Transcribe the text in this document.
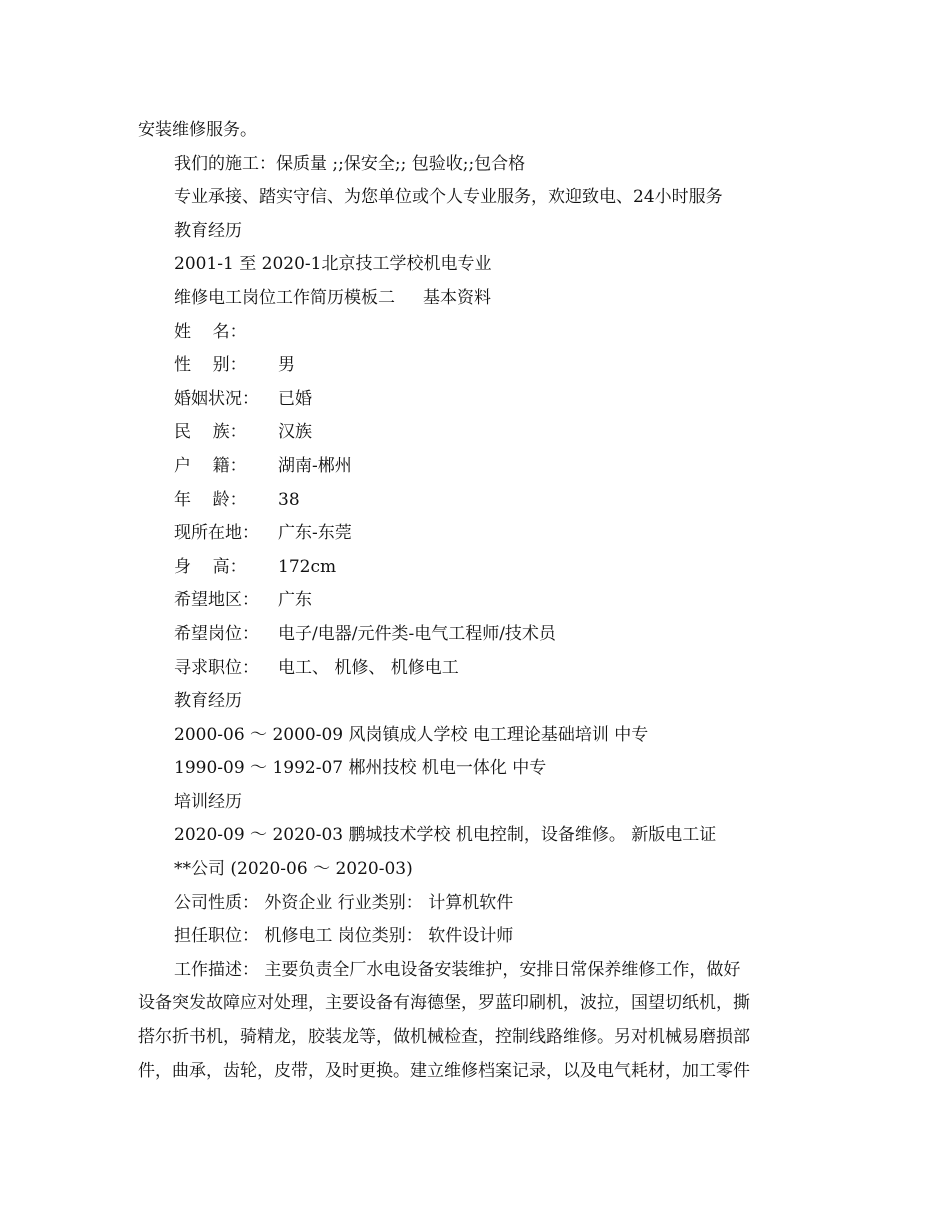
安装维修服务。
我们的施工：保质量 ;;保安全;; 包验收;;包合格
专业承接、踏实守信、为您单位或个人专业服务，欢迎致电、24小时服务
教育经历
2001-1 至 2020-1北京技工学校机电专业
维修电工岗位工作简历模板二 基本资料
姓    名：
性    别： 男
婚姻状况： 已婚
民    族： 汉族
户    籍： 湖南-郴州
年    龄： 38
现所在地： 广东-东莞
身    高： 172cm
希望地区： 广东
希望岗位： 电子/电器/元件类-电气工程师/技术员
寻求职位： 电工、 机修、 机修电工
教育经历
2000-06 ～ 2000-09 风岗镇成人学校 电工理论基础培训 中专
1990-09 ～ 1992-07 郴州技校 机电一体化 中专
培训经历
2020-09 ～ 2020-03 鹏城技术学校 机电控制，设备维修。 新版电工证
**公司 (2020-06 ～ 2020-03)
公司性质： 外资企业 行业类别： 计算机软件
担任职位： 机修电工 岗位类别： 软件设计师
工作描述： 主要负责全厂水电设备安装维护，安排日常保养维修工作，做好
设备突发故障应对处理，主要设备有海德堡，罗蓝印刷机，波拉，国望切纸机，撕
搭尔折书机，骑精龙，胶装龙等，做机械检查，控制线路维修。另对机械易磨损部
件，曲承，齿轮，皮带，及时更换。建立维修档案记录，以及电气耗材，加工零件
